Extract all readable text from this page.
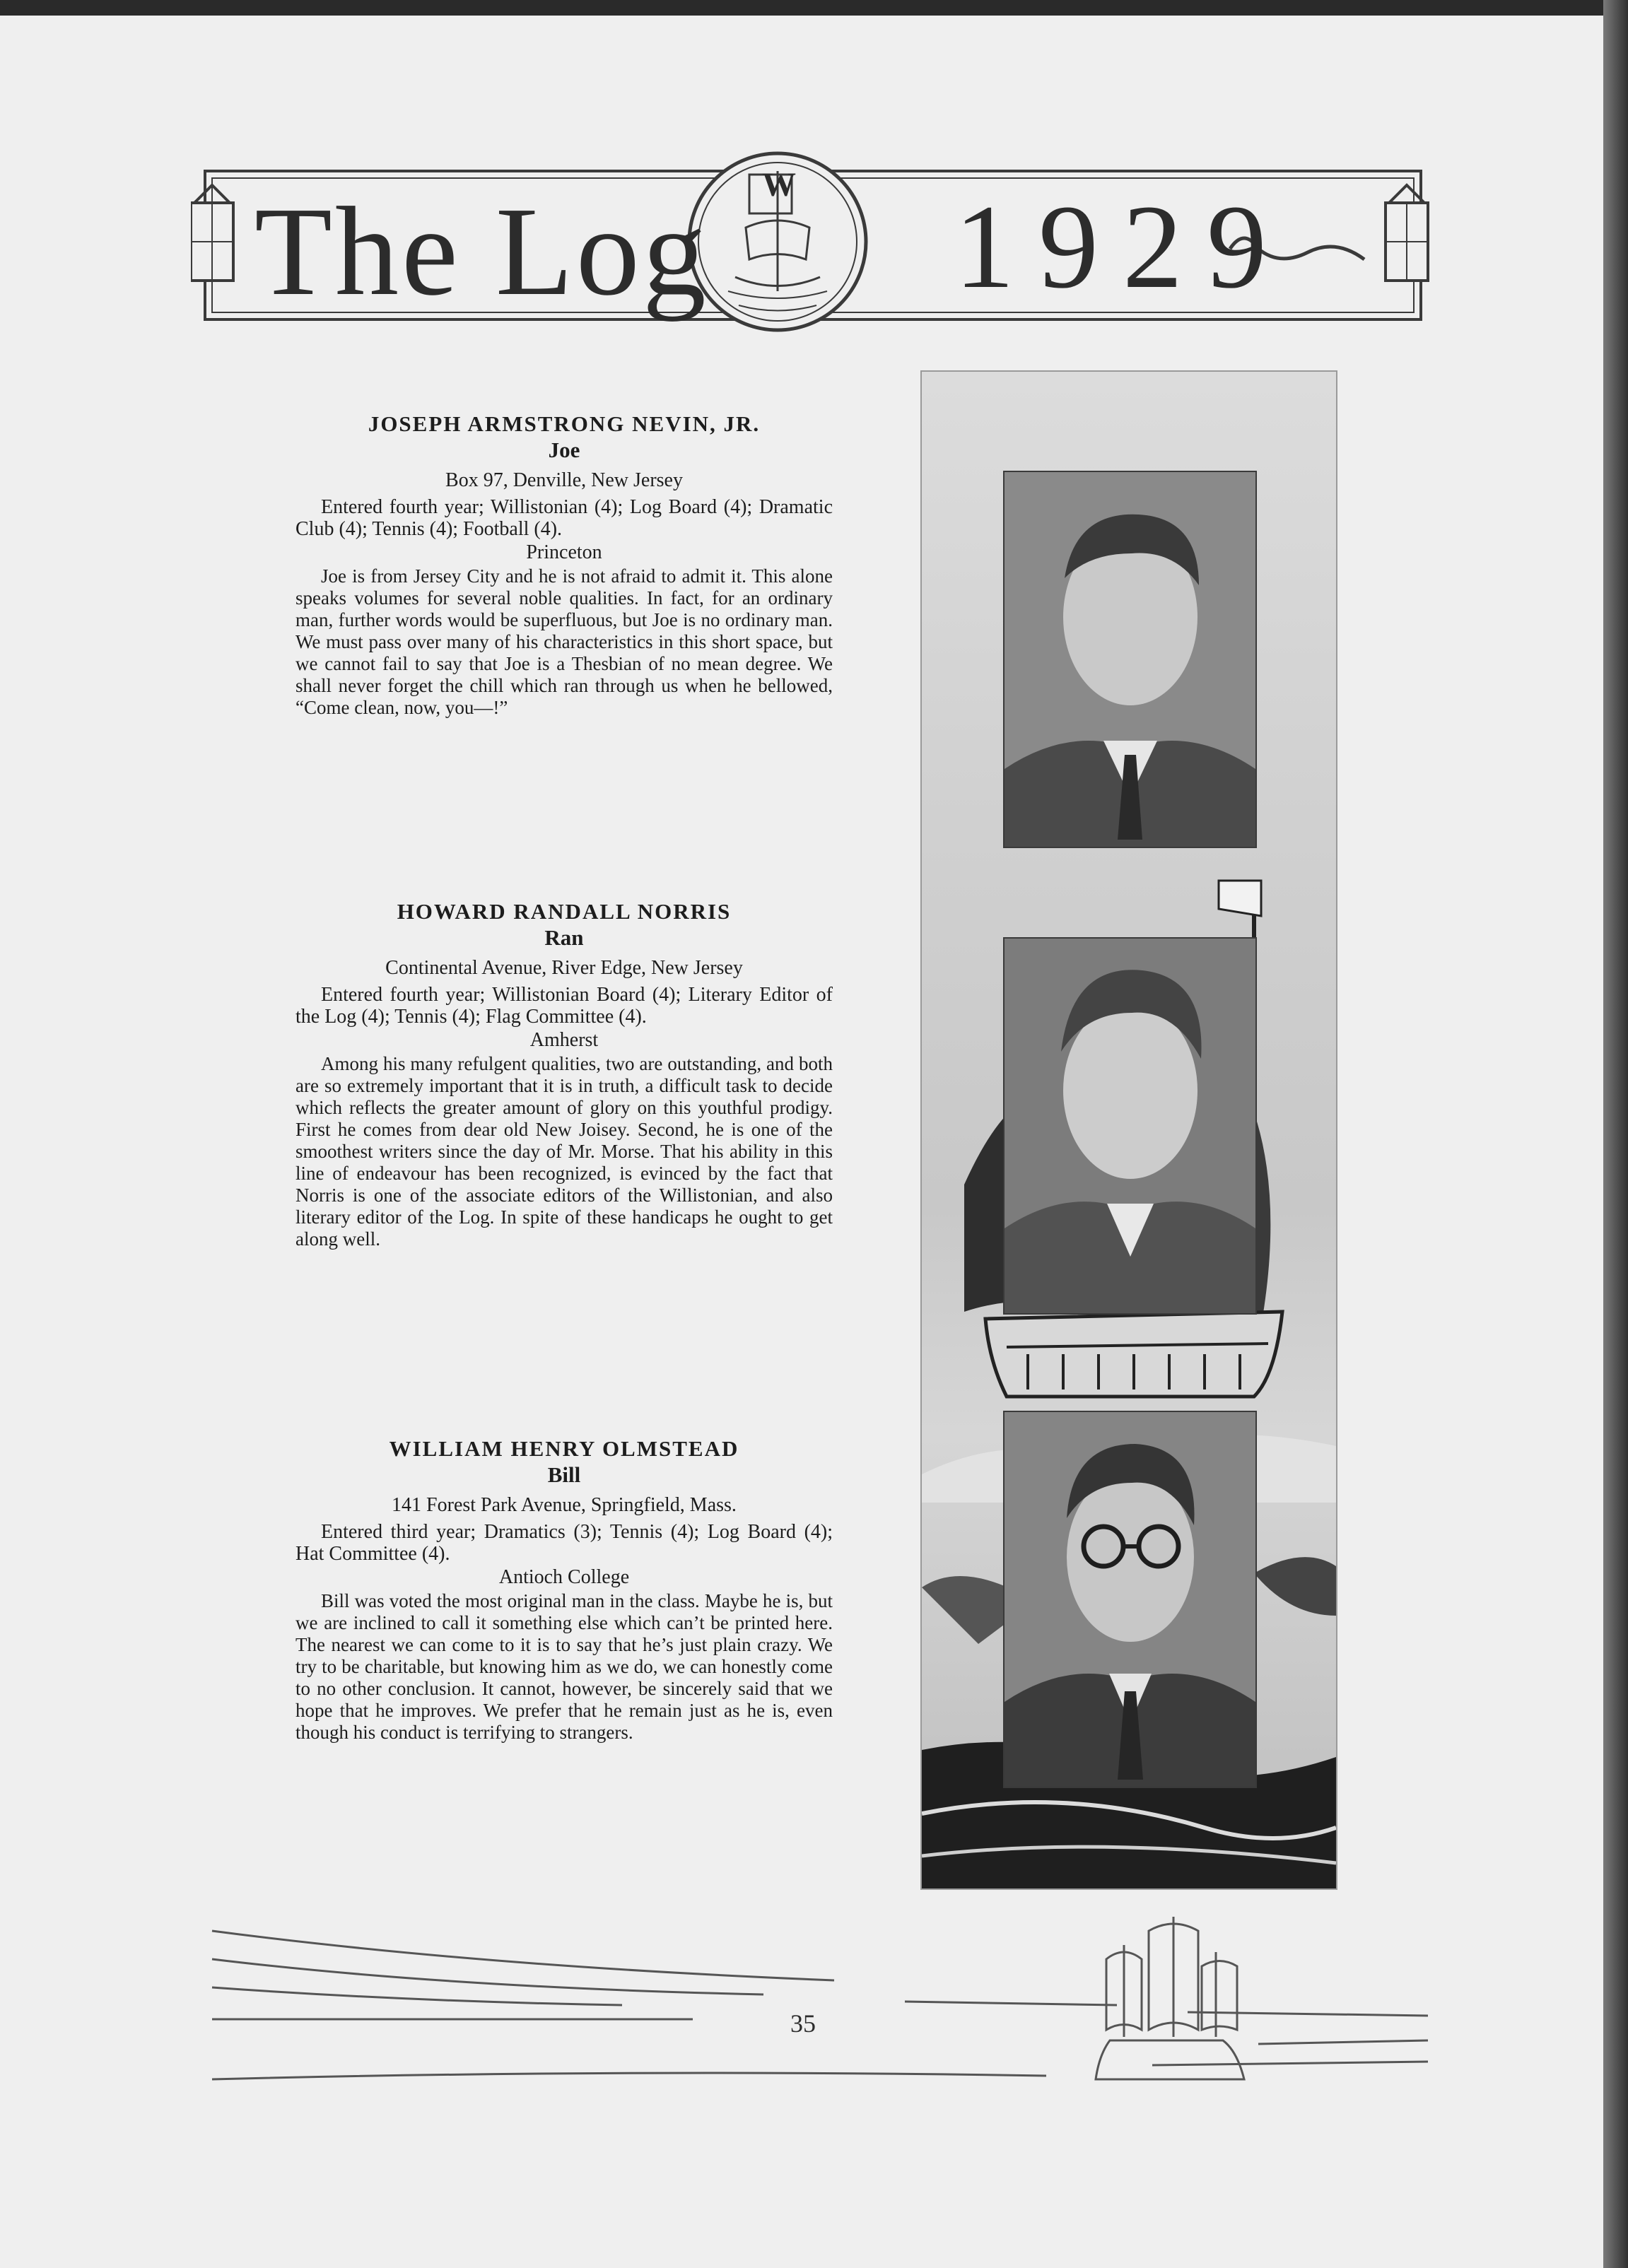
The Log W 1929
JOSEPH ARMSTRONG NEVIN, JR.
Joe
Box 97, Denville, New Jersey
Entered fourth year; Willistonian (4); Log Board (4); Dramatic Club (4); Tennis (4); Football (4).
Princeton
Joe is from Jersey City and he is not afraid to admit it. This alone speaks volumes for several noble qualities. In fact, for an ordinary man, further words would be superfluous, but Joe is no ordinary man. We must pass over many of his characteristics in this short space, but we cannot fail to say that Joe is a Thesbian of no mean degree. We shall never forget the chill which ran through us when he bellowed, “Come clean, now, you—!”
HOWARD RANDALL NORRIS
Ran
Continental Avenue, River Edge, New Jersey
Entered fourth year; Willistonian Board (4); Literary Editor of the Log (4); Tennis (4); Flag Committee (4).
Amherst
Among his many refulgent qualities, two are outstanding, and both are so extremely important that it is in truth, a difficult task to decide which reflects the greater amount of glory on this youthful prodigy. First he comes from dear old New Joisey. Second, he is one of the smoothest writers since the day of Mr. Morse. That his ability in this line of endeavour has been recognized, is evinced by the fact that Norris is one of the associate editors of the Willistonian, and also literary editor of the Log. In spite of these handicaps he ought to get along well.
WILLIAM HENRY OLMSTEAD
Bill
141 Forest Park Avenue, Springfield, Mass.
Entered third year; Dramatics (3); Tennis (4); Log Board (4); Hat Committee (4).
Antioch College
Bill was voted the most original man in the class. Maybe he is, but we are inclined to call it something else which can’t be printed here. The nearest we can come to it is to say that he’s just plain crazy. We try to be charitable, but knowing him as we do, we can honestly come to no other conclusion. It cannot, however, be sincerely said that we hope that he improves. We prefer that he remain just as he is, even though his conduct is terrifying to strangers.
35
